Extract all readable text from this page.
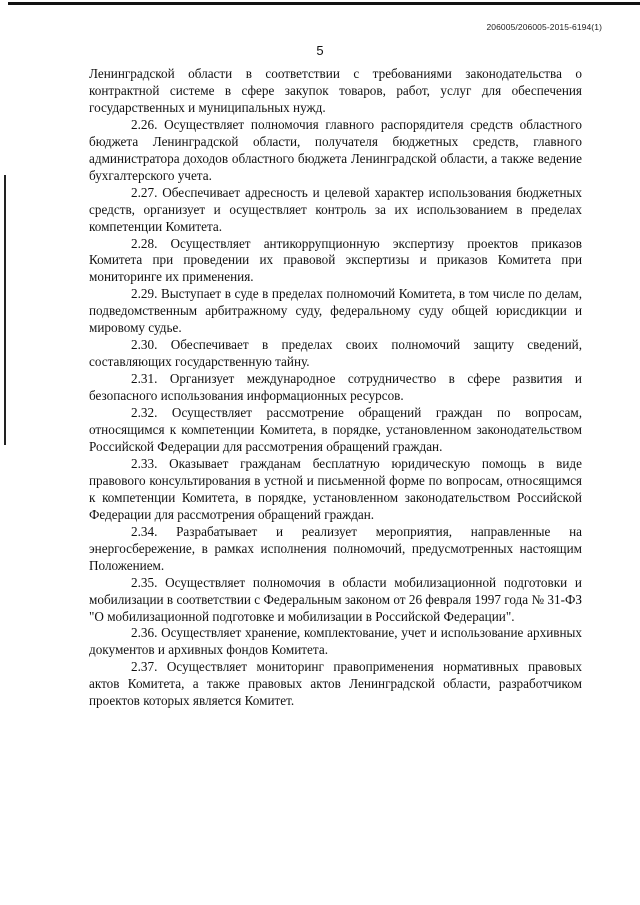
206005/206005-2015-6194(1)
5

Ленинградской области в соответствии с требованиями законодательства о контрактной системе в сфере закупок товаров, работ, услуг для обеспечения государственных и муниципальных нужд.

2.26. Осуществляет полномочия главного распорядителя средств областного бюджета Ленинградской области, получателя бюджетных средств, главного администратора доходов областного бюджета Ленинградской области, а также ведение бухгалтерского учета.

2.27. Обеспечивает адресность и целевой характер использования бюджетных средств, организует и осуществляет контроль за их использованием в пределах компетенции Комитета.

2.28. Осуществляет антикоррупционную экспертизу проектов приказов Комитета при проведении их правовой экспертизы и приказов Комитета при мониторинге их применения.

2.29. Выступает в суде в пределах полномочий Комитета, в том числе по делам, подведомственным арбитражному суду, федеральному суду общей юрисдикции и мировому судье.

2.30. Обеспечивает в пределах своих полномочий защиту сведений, составляющих государственную тайну.

2.31. Организует международное сотрудничество в сфере развития и безопасного использования информационных ресурсов.

2.32. Осуществляет рассмотрение обращений граждан по вопросам, относящимся к компетенции Комитета, в порядке, установленном законодательством Российской Федерации для рассмотрения обращений граждан.

2.33. Оказывает гражданам бесплатную юридическую помощь в виде правового консультирования в устной и письменной форме по вопросам, относящимся к компетенции Комитета, в порядке, установленном законодательством Российской Федерации для рассмотрения обращений граждан.

2.34. Разрабатывает и реализует мероприятия, направленные на энергосбережение, в рамках исполнения полномочий, предусмотренных настоящим Положением.

2.35. Осуществляет полномочия в области мобилизационной подготовки и мобилизации в соответствии с Федеральным законом от 26 февраля 1997 года № 31-ФЗ "О мобилизационной подготовке и мобилизации в Российской Федерации".

2.36. Осуществляет хранение, комплектование, учет и использование архивных документов и архивных фондов Комитета.

2.37. Осуществляет мониторинг правоприменения нормативных правовых актов Комитета, а также правовых актов Ленинградской области, разработчиком проектов которых является Комитет.
